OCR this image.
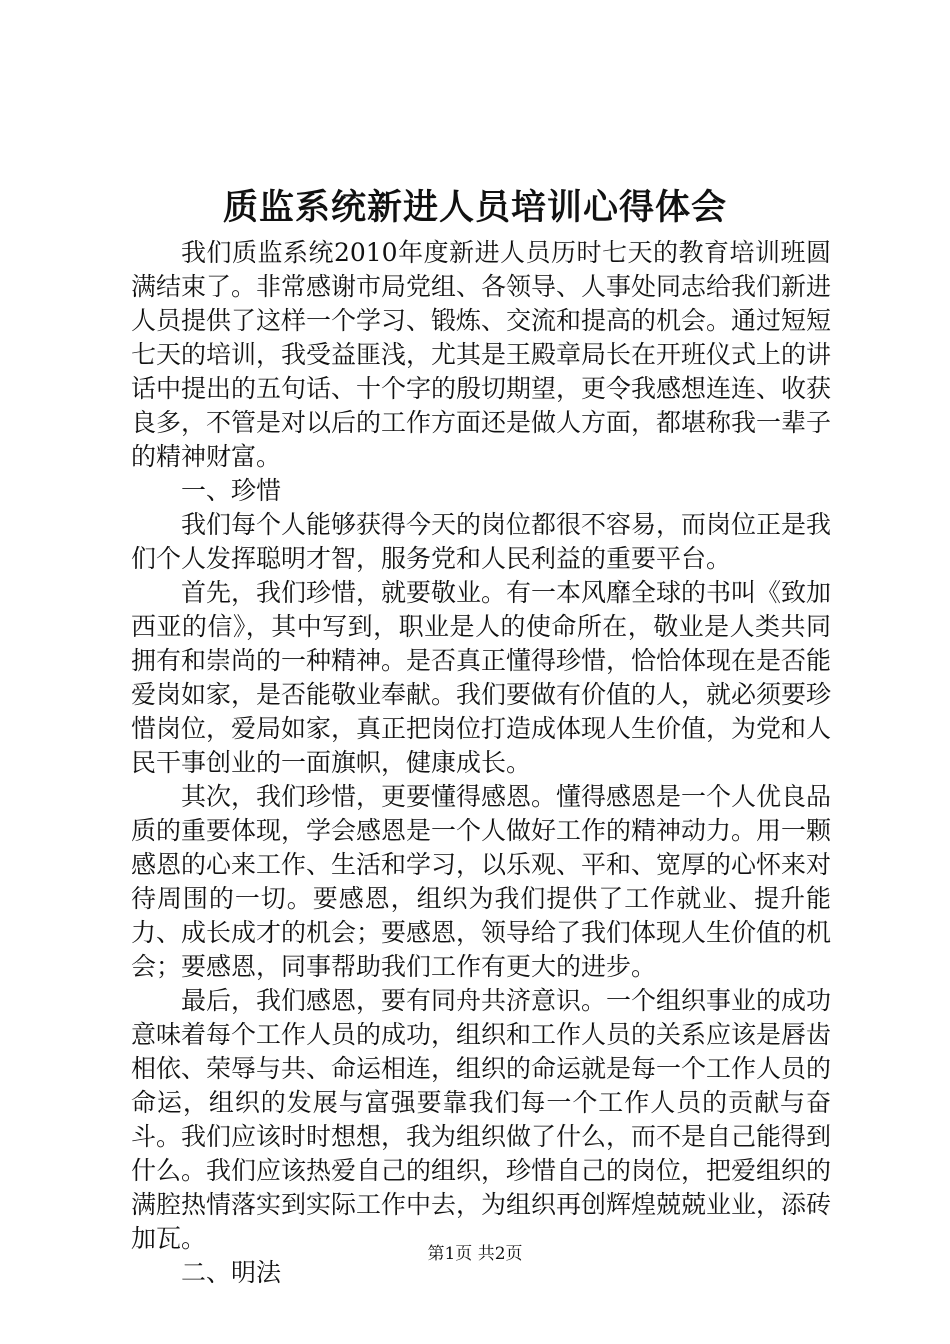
质监系统新进人员培训心得体会

我们质监系统2010年度新进人员历时七天的教育培训班圆满结束了。非常感谢市局党组、各领导、人事处同志给我们新进人员提供了这样一个学习、锻炼、交流和提高的机会。通过短短七天的培训，我受益匪浅，尤其是王殿章局长在开班仪式上的讲话中提出的五句话、十个字的殷切期望，更令我感想连连、收获良多，不管是对以后的工作方面还是做人方面，都堪称我一辈子的精神财富。

一、珍惜

我们每个人能够获得今天的岗位都很不容易，而岗位正是我们个人发挥聪明才智，服务党和人民利益的重要平台。

首先，我们珍惜，就要敬业。有一本风靡全球的书叫《致加西亚的信》，其中写到，职业是人的使命所在，敬业是人类共同拥有和崇尚的一种精神。是否真正懂得珍惜，恰恰体现在是否能爱岗如家，是否能敬业奉献。我们要做有价值的人，就必须要珍惜岗位，爱局如家，真正把岗位打造成体现人生价值，为党和人民干事创业的一面旗帜，健康成长。

其次，我们珍惜，更要懂得感恩。懂得感恩是一个人优良品质的重要体现，学会感恩是一个人做好工作的精神动力。用一颗感恩的心来工作、生活和学习，以乐观、平和、宽厚的心怀来对待周围的一切。要感恩，组织为我们提供了工作就业、提升能力、成长成才的机会；要感恩，领导给了我们体现人生价值的机会；要感恩，同事帮助我们工作有更大的进步。

最后，我们感恩，要有同舟共济意识。一个组织事业的成功意味着每个工作人员的成功，组织和工作人员的关系应该是唇齿相依、荣辱与共、命运相连，组织的命运就是每一个工作人员的命运，组织的发展与富强要靠我们每一个工作人员的贡献与奋斗。我们应该时时想想，我为组织做了什么，而不是自己能得到什么。我们应该热爱自己的组织，珍惜自己的岗位，把爱组织的满腔热情落实到实际工作中去，为组织再创辉煌兢兢业业，添砖加瓦。

二、明法

第1页 共2页
